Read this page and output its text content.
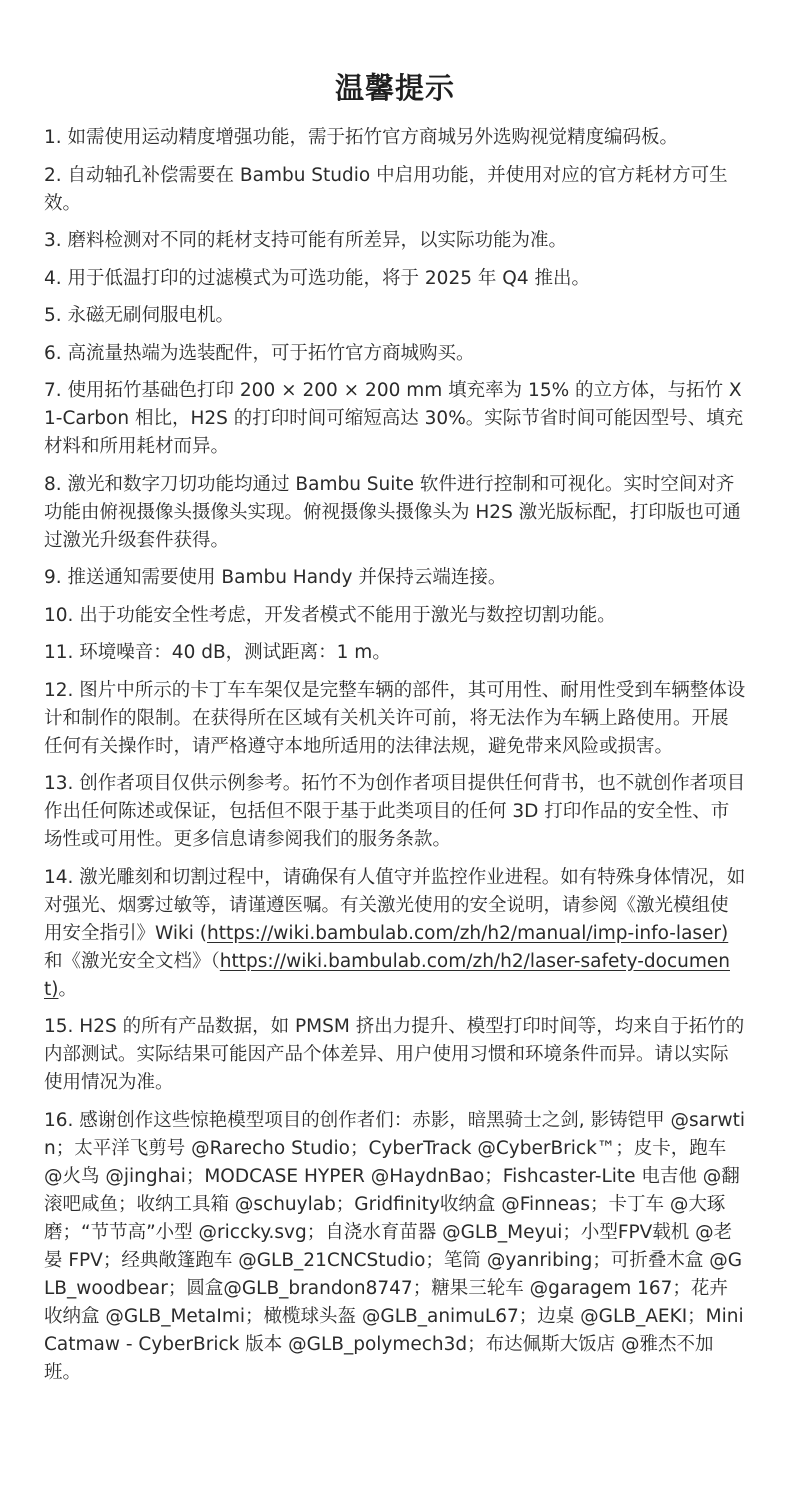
温馨提示
1. 如需使用运动精度增强功能，需于拓竹官方商城另外选购视觉精度编码板。
2. 自动轴孔补偿需要在 Bambu Studio 中启用功能，并使用对应的官方耗材方可生效。
3. 磨料检测对不同的耗材支持可能有所差异，以实际功能为准。
4. 用于低温打印的过滤模式为可选功能，将于 2025 年 Q4 推出。
5. 永磁无刷伺服电机。
6. 高流量热端为选装配件，可于拓竹官方商城购买。
7. 使用拓竹基础色打印 200 × 200 × 200 mm 填充率为 15% 的立方体，与拓竹 X1-Carbon 相比，H2S 的打印时间可缩短高达 30%。实际节省时间可能因型号、填充材料和所用耗材而异。
8. 激光和数字刀切功能均通过 Bambu Suite 软件进行控制和可视化。实时空间对齐功能由俯视摄像头摄像头实现。俯视摄像头摄像头为 H2S 激光版标配，打印版也可通过激光升级套件获得。
9. 推送通知需要使用 Bambu Handy 并保持云端连接。
10. 出于功能安全性考虑，开发者模式不能用于激光与数控切割功能。
11. 环境噪音：40 dB，测试距离：1 m。
12. 图片中所示的卡丁车车架仅是完整车辆的部件，其可用性、耐用性受到车辆整体设计和制作的限制。在获得所在区域有关机关许可前，将无法作为车辆上路使用。开展任何有关操作时，请严格遵守本地所适用的法律法规，避免带来风险或损害。
13. 创作者项目仅供示例参考。拓竹不为创作者项目提供任何背书，也不就创作者项目作出任何陈述或保证，包括但不限于基于此类项目的任何 3D 打印作品的安全性、市场性或可用性。更多信息请参阅我们的服务条款。
14. 激光雕刻和切割过程中，请确保有人值守并监控作业进程。如有特殊身体情况，如对强光、烟雾过敏等，请谨遵医嘱。有关激光使用的安全说明，请参阅《激光模组使用安全指引》Wiki (https://wiki.bambulab.com/zh/h2/manual/imp-info-laser) 和《激光安全文档》（https://wiki.bambulab.com/zh/h2/laser-safety-document)。
15. H2S 的所有产品数据，如 PMSM 挤出力提升、模型打印时间等，均来自于拓竹的内部测试。实际结果可能因产品个体差异、用户使用习惯和环境条件而异。请以实际使用情况为准。
16. 感谢创作这些惊艳模型项目的创作者们：赤影，暗黑骑士之剑, 影铸铠甲 @sarwtin；太平洋飞剪号 @Rarecho Studio；CyberTrack @CyberBrick™；皮卡，跑车 @火鸟 @jinghai；MODCASE HYPER @HaydnBao；Fishcaster-Lite 电吉他 @翻滚吧咸鱼；收纳工具箱 @schuylab；Gridfinity收纳盒 @Finneas；卡丁车 @大琢磨；“节节高”小型 @riccky.svg；自浇水育苗器 @GLB_Meyui；小型FPV载机 @老晏 FPV；经典敞篷跑车 @GLB_21CNCStudio；笔筒 @yanribing；可折叠木盒 @GLB_woodbear；圆盒@GLB_brandon8747；糖果三轮车 @garagem 167；花卉收纳盒 @GLB_MetaImi；橄榄球头盔 @GLB_animuL67；边桌 @GLB_AEKI；Mini Catmaw - CyberBrick 版本 @GLB_polymech3d；布达佩斯大饭店 @雅杰不加班。
